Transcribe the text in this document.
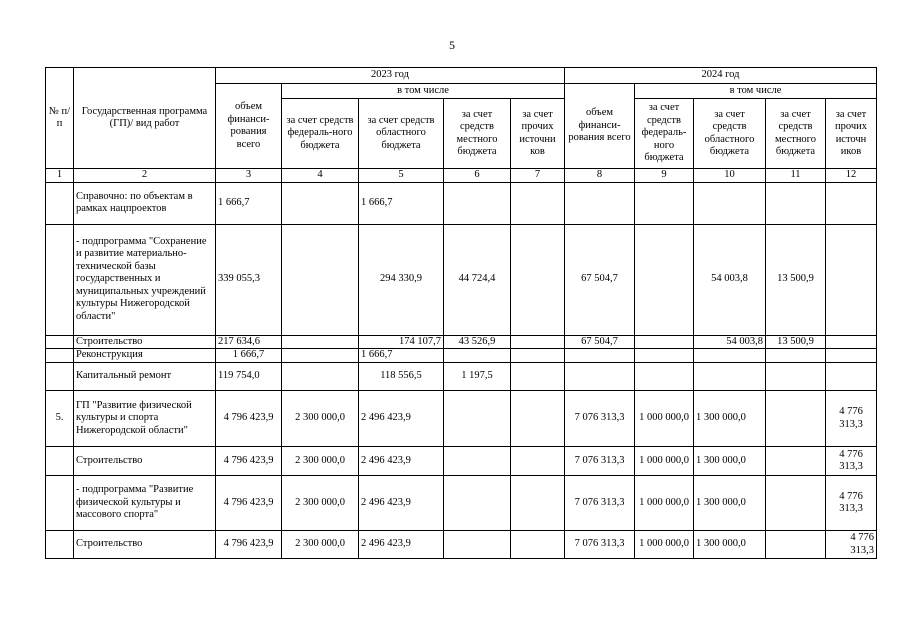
5
№ п/п	Государственная программа (ГП)/ вид работ	2023 год					2024 год				
		объем финанси-рования всего	в том числе				объем финанси-рования всего	в том числе			
			за счет средств федераль-ного бюджета	за счет средств областного бюджета	за счет средств местного бюджета	за счет прочих источни ков		за счет средств федераль-ного бюджета	за счет средств областного бюджета	за счет средств местного бюджета	за счет прочих источн иков
1	2	3	4	5	6	7	8	9	10	11	12
	Справочно: по объектам в рамках нацпроектов	1 666,7		1 666,7							
	- подпрограмма "Сохранение и развитие материально-технической базы государственных и муниципальных учреждений культуры Нижегородской области"	339 055,3		294 330,9	44 724,4		67 504,7		54 003,8	13 500,9	
	Строительство	217 634,6		174 107,7	43 526,9		67 504,7		54 003,8	13 500,9	
	Реконструкция	1 666,7		1 666,7							
	Капитальный ремонт	119 754,0		118 556,5	1 197,5						
5.	ГП "Развитие физической культуры и спорта Нижегородской области"	4 796 423,9	2 300 000,0	2 496 423,9			7 076 313,3	1 000 000,0	1 300 000,0		4 776 313,3
	Строительство	4 796 423,9	2 300 000,0	2 496 423,9			7 076 313,3	1 000 000,0	1 300 000,0		4 776 313,3
	- подпрограмма "Развитие физической культуры и массового спорта"	4 796 423,9	2 300 000,0	2 496 423,9			7 076 313,3	1 000 000,0	1 300 000,0		4 776 313,3
	Строительство	4 796 423,9	2 300 000,0	2 496 423,9			7 076 313,3	1 000 000,0	1 300 000,0		4 776 313,3
